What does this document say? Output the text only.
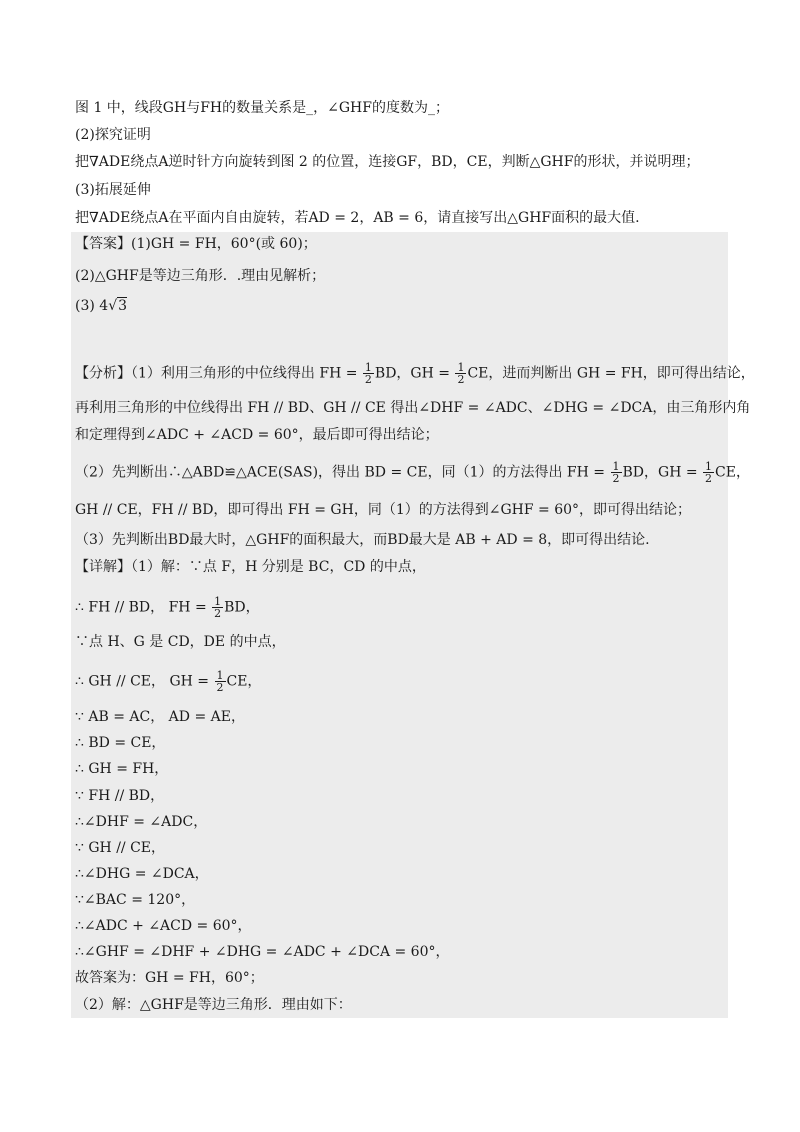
图 1 中，线段GH与FH的数量关系是_，∠GHF的度数为_；
(2)探究证明
把∇ADE绕点A逆时针方向旋转到图 2 的位置，连接GF，BD，CE，判断△GHF的形状，并说明理；
(3)拓展延伸
把∇ADE绕点A在平面内自由旋转，若AD = 2，AB = 6，请直接写出△GHF面积的最大值.
【答案】(1)GH = FH，60°(或 60)；
(2)△GHF是等边三角形．.理由见解析；
(3) 4√3
【分析】（1）利用三角形的中位线得出 FH = $\frac{1}{2}$ BD，GH = $\frac{1}{2}$ CE，进而判断出 GH = FH，即可得出结论，
再利用三角形的中位线得出 FH // BD、GH // CE 得出∠DHF = ∠ADC、∠DHG = ∠DCA，由三角形内角
和定理得到∠ADC + ∠ACD = 60°，最后即可得出结论；
（2）先判断出∴△ABD≌△ACE(SAS)，得出 BD = CE，同（1）的方法得出 FH = $\frac{1}{2}$ BD，GH = $\frac{1}{2}$ CE，
GH // CE，FH // BD，即可得出 FH = GH，同（1）的方法得到∠GHF = 60°，即可得出结论；
（3）先判断出BD最大时，△GHF的面积最大，而BD最大是 AB + AD = 8，即可得出结论.
【详解】（1）解：∵点 F，H 分别是 BC，CD 的中点，
∴ FH // BD， FH = $\frac{1}{2}$ BD，
∵点 H、G 是 CD，DE 的中点，
∴ GH // CE， GH = $\frac{1}{2}$ CE，
∵ AB = AC， AD = AE，
∴ BD = CE，
∴ GH = FH，
∵ FH // BD，
∴∠DHF = ∠ADC，
∵ GH // CE，
∴∠DHG = ∠DCA，
∵∠BAC = 120°，
∴∠ADC + ∠ACD = 60°，
∴∠GHF = ∠DHF + ∠DHG = ∠ADC + ∠DCA = 60°，
故答案为：GH = FH，60°；
（2）解：△GHF是等边三角形．理由如下：
